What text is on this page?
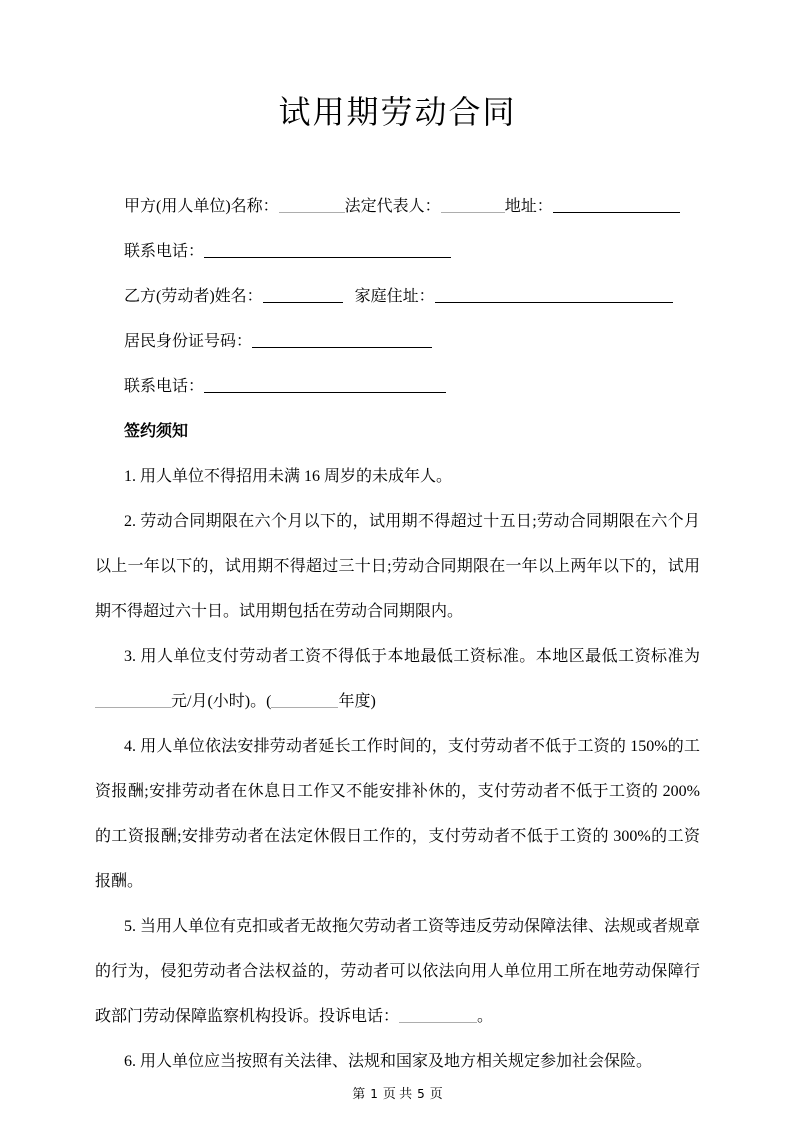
试用期劳动合同

甲方(用人单位)名称：	法定代表人：	地址：

联系电话：

乙方(劳动者)姓名：	家庭住址：

居民身份证号码：

联系电话：

签约须知

1. 用人单位不得招用未满 16 周岁的未成年人。

2. 劳动合同期限在六个月以下的，试用期不得超过十五日;劳动合同期限在六个月以上一年以下的，试用期不得超过三十日;劳动合同期限在一年以上两年以下的，试用期不得超过六十日。试用期包括在劳动合同期限内。

3. 用人单位支付劳动者工资不得低于本地最低工资标准。本地区最低工资标准为元/月(小时)。(	年度)

4. 用人单位依法安排劳动者延长工作时间的，支付劳动者不低于工资的 150%的工资报酬;安排劳动者在休息日工作又不能安排补休的，支付劳动者不低于工资的 200%的工资报酬;安排劳动者在法定休假日工作的，支付劳动者不低于工资的 300%的工资报酬。

5. 当用人单位有克扣或者无故拖欠劳动者工资等违反劳动保障法律、法规或者规章的行为，侵犯劳动者合法权益的，劳动者可以依法向用人单位用工所在地劳动保障行政部门劳动保障监察机构投诉。投诉电话：	。

6. 用人单位应当按照有关法律、法规和国家及地方相关规定参加社会保险。

第 1 页 共 5 页
